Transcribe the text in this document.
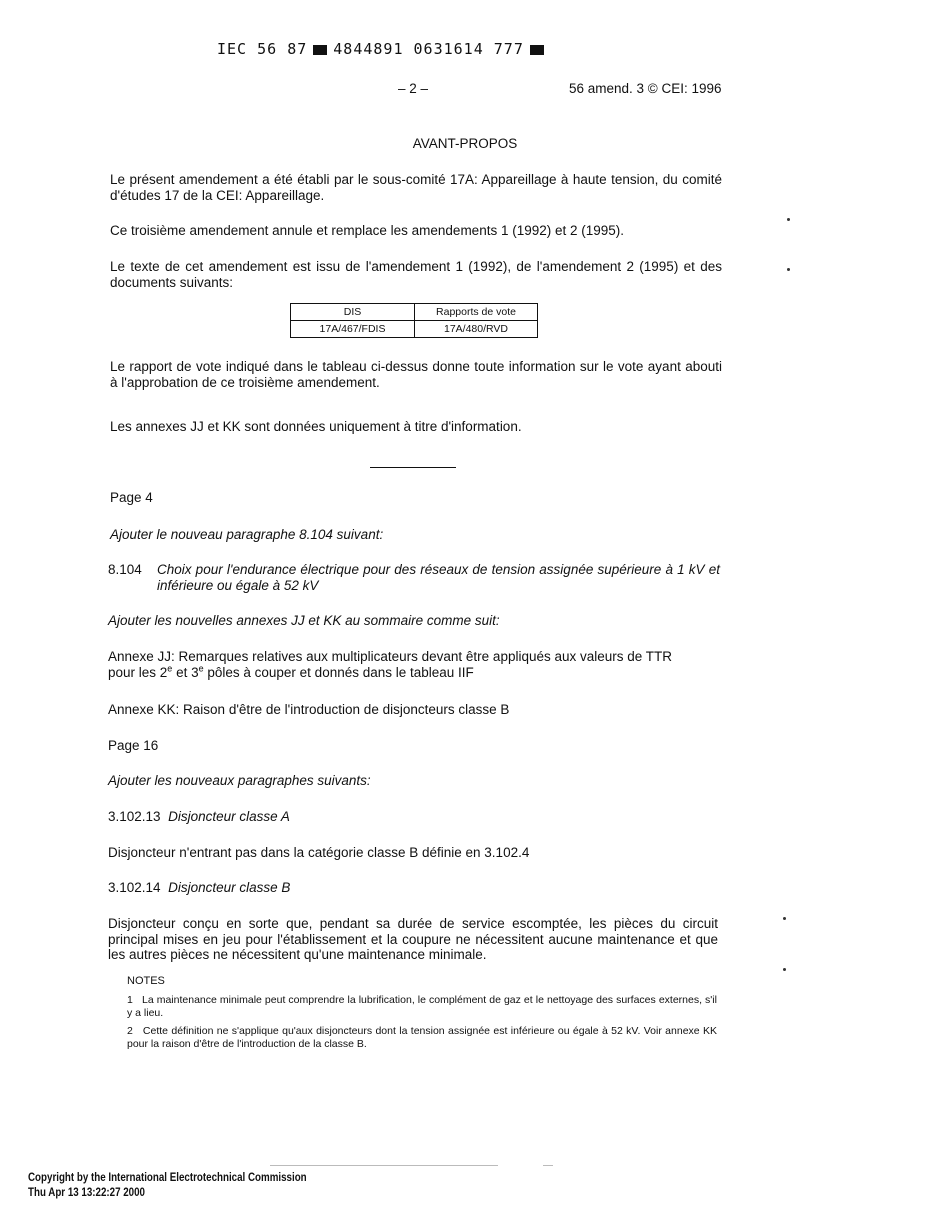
IEC 56 87 4844891 0631614 777
– 2 –	56 amend. 3 © CEI: 1996
AVANT-PROPOS

Le présent amendement a été établi par le sous-comité 17A: Appareillage à haute tension, du comité d'études 17 de la CEI: Appareillage.

Ce troisième amendement annule et remplace les amendements 1 (1992) et 2 (1995).

Le texte de cet amendement est issu de l'amendement 1 (1992), de l'amendement 2 (1995) et des documents suivants:

DIS	Rapports de vote
17A/467/FDIS	17A/480/RVD

Le rapport de vote indiqué dans le tableau ci-dessus donne toute information sur le vote ayant abouti à l'approbation de ce troisième amendement.

Les annexes JJ et KK sont données uniquement à titre d'information.

Page 4

Ajouter le nouveau paragraphe 8.104 suivant:

8.104 Choix pour l'endurance électrique pour des réseaux de tension assignée supérieure à 1 kV et inférieure ou égale à 52 kV

Ajouter les nouvelles annexes JJ et KK au sommaire comme suit:

Annexe JJ: Remarques relatives aux multiplicateurs devant être appliqués aux valeurs de TTR
pour les 2e et 3e pôles à couper et donnés dans le tableau IIF

Annexe KK: Raison d'être de l'introduction de disjoncteurs classe B

Page 16

Ajouter les nouveaux paragraphes suivants:

3.102.13 Disjoncteur classe A

Disjoncteur n'entrant pas dans la catégorie classe B définie en 3.102.4

3.102.14 Disjoncteur classe B

Disjoncteur conçu en sorte que, pendant sa durée de service escomptée, les pièces du circuit principal mises en jeu pour l'établissement et la coupure ne nécessitent aucune maintenance et que les autres pièces ne nécessitent qu'une maintenance minimale.

NOTES

1 La maintenance minimale peut comprendre la lubrification, le complément de gaz et le nettoyage des surfaces externes, s'il y a lieu.

2 Cette définition ne s'applique qu'aux disjoncteurs dont la tension assignée est inférieure ou égale à 52 kV. Voir annexe KK pour la raison d'être de l'introduction de la classe B.

Copyright by the International Electrotechnical Commission
Thu Apr 13 13:22:27 2000
